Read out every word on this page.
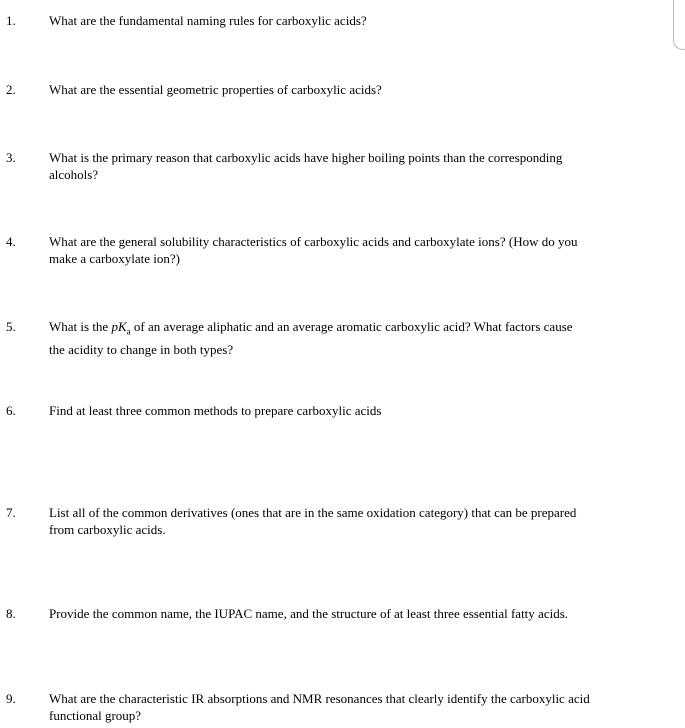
1.	What are the fundamental naming rules for carboxylic acids?
2.	What are the essential geometric properties of carboxylic acids?
3.	What is the primary reason that carboxylic acids have higher boiling points than the corresponding
alcohols?
4.	What are the general solubility characteristics of carboxylic acids and carboxylate ions? (How do you
make a carboxylate ion?)
5.	What is the $pK_a$ of an average aliphatic and an average aromatic carboxylic acid? What factors cause
the acidity to change in both types?
6.	Find at least three common methods to prepare carboxylic acids
7.	List all of the common derivatives (ones that are in the same oxidation category) that can be prepared
from carboxylic acids.
8.	Provide the common name, the IUPAC name, and the structure of at least three essential fatty acids.
9.	What are the characteristic IR absorptions and NMR resonances that clearly identify the carboxylic acid
functional group?
